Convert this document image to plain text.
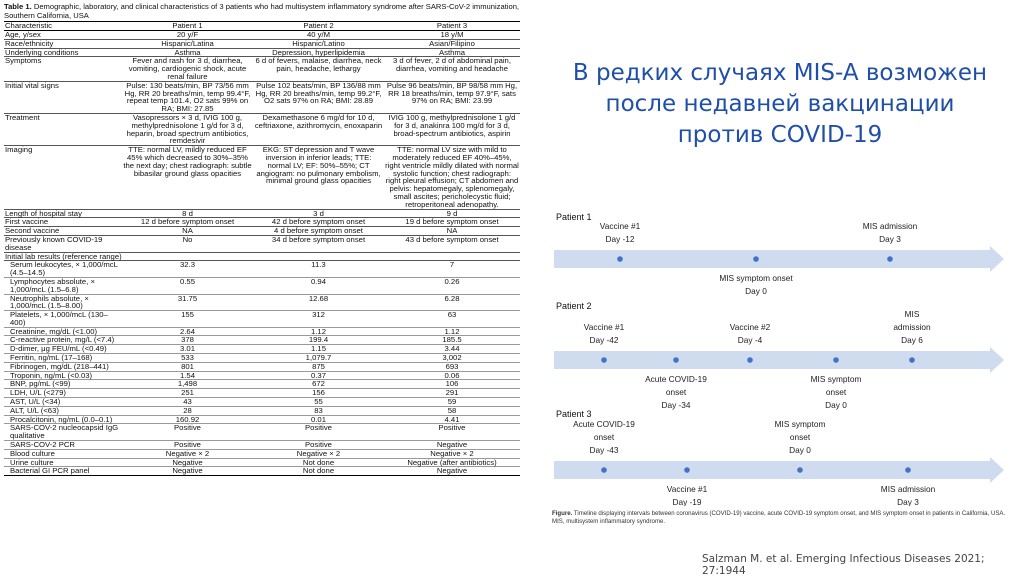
Table 1. Demographic, laboratory, and clinical characteristics of 3 patients who had multisystem inflammatory syndrome after SARS-CoV-2 immunization, Southern California, USA
Characteristic	Patient 1	Patient 2	Patient 3
Age, y/sex	20 y/F	40 y/M	18 y/M
Race/ethnicity	Hispanic/Latina	Hispanic/Latino	Asian/Filipino
Underlying conditions	Asthma	Depression, hyperlipidemia	Asthma
Symptoms	Fever and rash for 3 d, diarrhea, vomiting, cardiogenic shock, acute renal failure	6 d of fevers, malaise, diarrhea, neck pain, headache, lethargy	3 d of fever, 2 d of abdominal pain, diarrhea, vomiting and headache
Initial vital signs	Pulse: 130 beats/min, BP 73/56 mm Hg, RR 20 breaths/min, temp 99.4°F, repeat temp 101.4, O2 sats 99% on RA; BMI: 27.85	Pulse 102 beats/min, BP 136/88 mm Hg, RR 20 breaths/min, temp 99.2°F, O2 sats 97% on RA; BMI: 28.89	Pulse 96 beats/min, BP 98/58 mm Hg, RR 18 breaths/min, temp 97.9°F, sats 97% on RA; BMI: 23.99
Treatment	Vasopressors × 3 d, IVIG 100 g, methylprednisolone 1 g/d for 3 d, heparin, broad spectrum antibiotics, remdesivir	Dexamethasone 6 mg/d for 10 d, ceftriaxone, azithromycin, enoxaparin	IVIG 100 g, methylprednisolone 1 g/d for 3 d, anakinra 100 mg/d for 3 d, broad-spectrum antibiotics, aspirin
Imaging	TTE: normal LV, mildly reduced EF 45% which decreased to 30%–35% the next day; chest radiograph: subtle bibasilar ground glass opacities	EKG: ST depression and T wave inversion in inferior leads; TTE: normal LV; EF: 50%–55%; CT angiogram: no pulmonary embolism, minimal ground glass opacities	TTE: normal LV size with mild to moderately reduced EF 40%–45%, right ventricle mildly dilated with normal systolic function; chest radiograph: right pleural effusion; CT abdomen and pelvis: hepatomegaly, splenomegaly, small ascites; pericholecystic fluid; retroperitoneal adenopathy.
Length of hospital stay	8 d	3 d	9 d
First vaccine	12 d before symptom onset	42 d before symptom onset	19 d before symptom onset
Second vaccine	NA	4 d before symptom onset	NA
Previously known COVID-19 disease	No	34 d before symptom onset	43 d before symptom onset
Initial lab results (reference range)			
Serum leukocytes, × 1,000/mcL (4.5–14.5)	32.3	11.3	7
Lymphocytes absolute, × 1,000/mcL (1.5–6.8)	0.55	0.94	0.26
Neutrophils absolute, × 1,000/mcL (1.5–8.00)	31.75	12.68	6.28
Platelets, × 1,000/mcL (130–400)	155	312	63
Creatinine, mg/dL (<1.00)	2.64	1.12	1.12
C-reactive protein, mg/L (<7.4)	378	199.4	185.5
D-dimer, μg FEU/mL (<0.49)	3.01	1.15	3.44
Ferritin, ng/mL (17–168)	533	1,079.7	3,002
Fibrinogen, mg/dL (218–441)	801	875	693
Troponin, ng/mL (<0.03)	1.54	0.37	0.06
BNP, pg/mL (<99)	1,498	672	106
LDH, U/L (<279)	251	156	291
AST, U/L (<34)	43	55	59
ALT, U/L (<63)	28	83	58
Procalcitonin, ng/mL (0.0–0.1)	160.92	0.01	4.41
SARS-COV-2 nucleocapsid IgG qualitative	Positive	Positive	Positive
SARS-COV-2 PCR	Positive	Positive	Negative
Blood culture	Negative × 2	Negative × 2	Negative × 2
Urine culture	Negative	Not done	Negative (after antibiotics)
Bacterial GI PCR panel	Negative	Not done	Negative
В редких случаях MIS-A возможен после недавней вакцинации против COVID-19
Patient 1
Vaccine #1
Day -12
MIS symptom onset
Day 0
MIS admission
Day 3
Patient 2
Vaccine #1
Day -42
Acute COVID-19
onset
Day -34
Vaccine #2
Day -4
MIS symptom
onset
Day 0
MIS
admission
Day 6
Patient 3
Acute COVID-19
onset
Day -43
Vaccine #1
Day -19
MIS symptom
onset
Day 0
MIS admission
Day 3
Figure. Timeline displaying intervals between coronavirus (COVID-19) vaccine, acute COVID-19 symptom onset, and MIS symptom onset in patients in California, USA. MIS, multisystem inflammatory syndrome.
Salzman M. et al. Emerging Infectious Diseases 2021; 27:1944
